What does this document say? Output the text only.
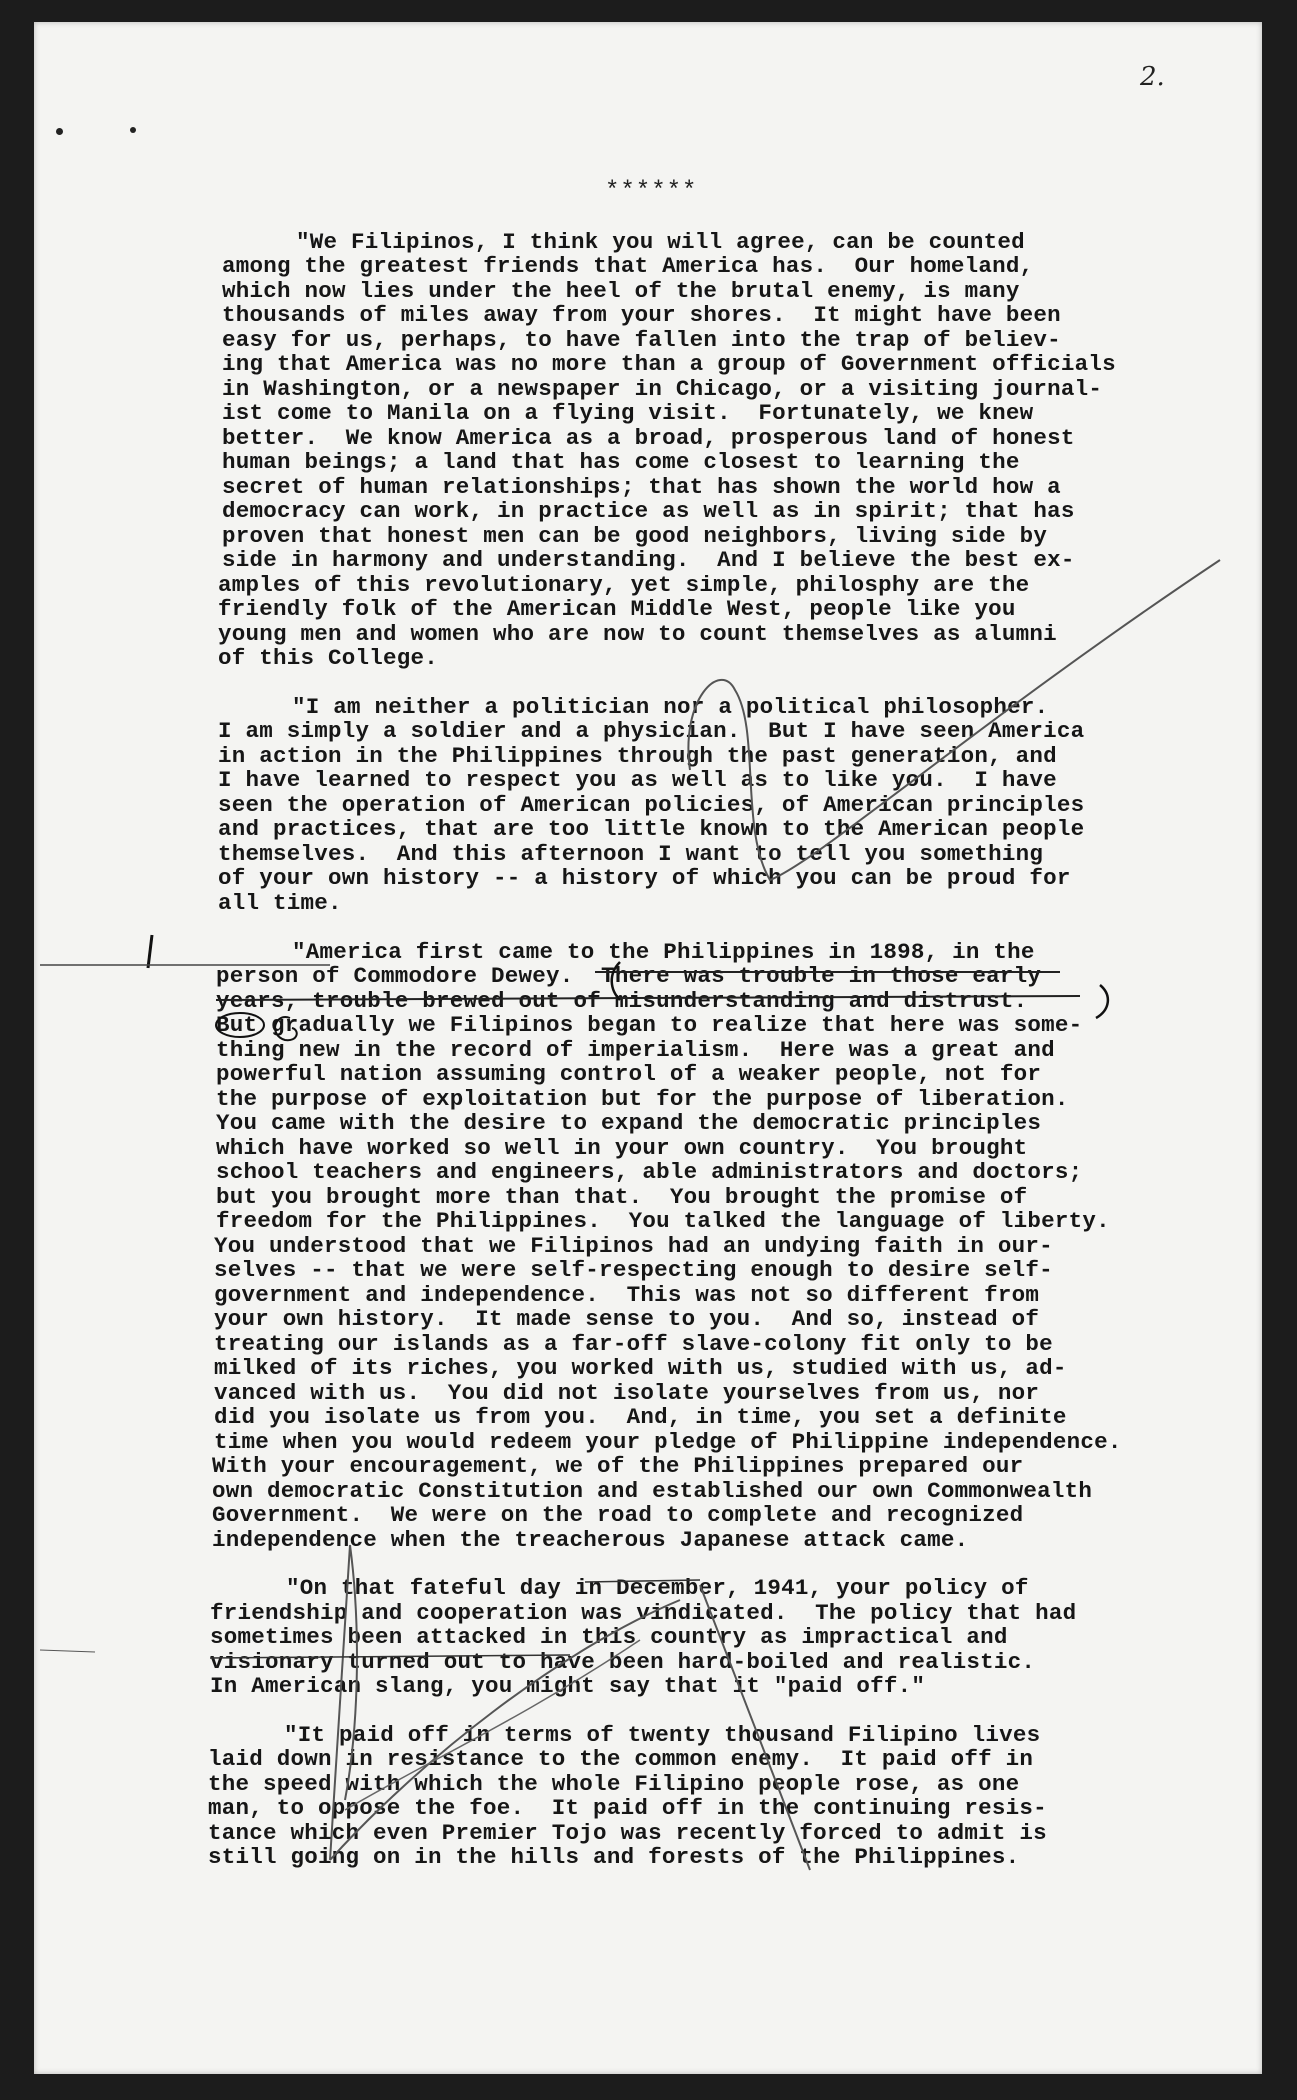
2.
******
"We Filipinos, I think you will agree, can be counted
among the greatest friends that America has.  Our homeland,
which now lies under the heel of the brutal enemy, is many
thousands of miles away from your shores.  It might have been
easy for us, perhaps, to have fallen into the trap of believ-
ing that America was no more than a group of Government officials
in Washington, or a newspaper in Chicago, or a visiting journal-
ist come to Manila on a flying visit.  Fortunately, we knew
better.  We know America as a broad, prosperous land of honest
human beings; a land that has come closest to learning the
secret of human relationships; that has shown the world how a
democracy can work, in practice as well as in spirit; that has
proven that honest men can be good neighbors, living side by
side in harmony and understanding.  And I believe the best ex-
amples of this revolutionary, yet simple, philosphy are the
friendly folk of the American Middle West, people like you
young men and women who are now to count themselves as alumni
of this College.
"I am neither a politician nor a political philosopher.
I am simply a soldier and a physician.  But I have seen America
in action in the Philippines through the past generation, and
I have learned to respect you as well as to like you.  I have
seen the operation of American policies, of American principles
and practices, that are too little known to the American people
themselves.  And this afternoon I want to tell you something
of your own history -- a history of which you can be proud for
all time.
"America first came to the Philippines in 1898, in the
person of Commodore Dewey.  There was trouble in those early
years, trouble brewed out of misunderstanding and distrust.
But gradually we Filipinos began to realize that here was some-
thing new in the record of imperialism.  Here was a great and
powerful nation assuming control of a weaker people, not for
the purpose of exploitation but for the purpose of liberation.
You came with the desire to expand the democratic principles
which have worked so well in your own country.  You brought
school teachers and engineers, able administrators and doctors;
but you brought more than that.  You brought the promise of
freedom for the Philippines.  You talked the language of liberty.
You understood that we Filipinos had an undying faith in our-
selves -- that we were self-respecting enough to desire self-
government and independence.  This was not so different from
your own history.  It made sense to you.  And so, instead of
treating our islands as a far-off slave-colony fit only to be
milked of its riches, you worked with us, studied with us, ad-
vanced with us.  You did not isolate yourselves from us, nor
did you isolate us from you.  And, in time, you set a definite
time when you would redeem your pledge of Philippine independence.
With your encouragement, we of the Philippines prepared our
own democratic Constitution and established our own Commonwealth
Government.  We were on the road to complete and recognized
independence when the treacherous Japanese attack came.
"On that fateful day in December, 1941, your policy of
friendship and cooperation was vindicated.  The policy that had
sometimes been attacked in this country as impractical and
visionary turned out to have been hard-boiled and realistic.
In American slang, you might say that it "paid off."
"It paid off in terms of twenty thousand Filipino lives
laid down in resistance to the common enemy.  It paid off in
the speed with which the whole Filipino people rose, as one
man, to oppose the foe.  It paid off in the continuing resis-
tance which even Premier Tojo was recently forced to admit is
still going on in the hills and forests of the Philippines.
